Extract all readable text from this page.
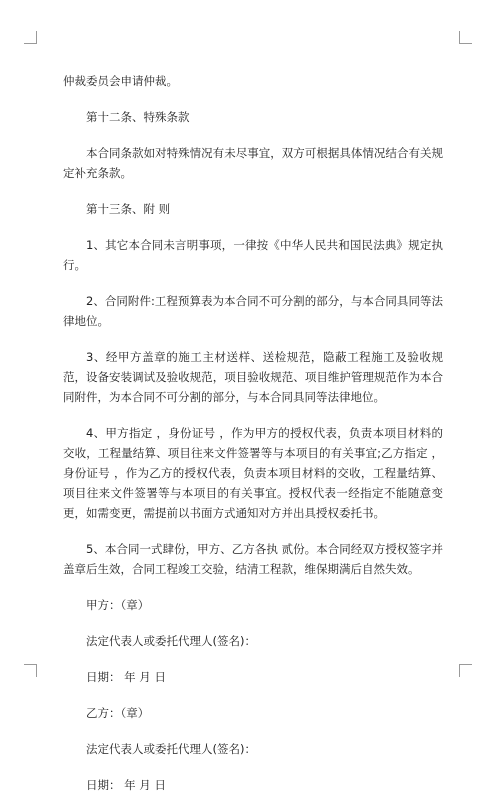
仲裁委员会申请仲裁。

第十二条、特殊条款

本合同条款如对特殊情况有未尽事宜，双方可根据具体情况结合有关规定补充条款。

第十三条、附 则

1、其它本合同未言明事项，一律按《中华人民共和国民法典》规定执行。

2、合同附件:工程预算表为本合同不可分割的部分，与本合同具同等法律地位。

3、经甲方盖章的施工主材送样、送检规范，隐蔽工程施工及验收规范，设备安装调试及验收规范，项目验收规范、项目维护管理规范作为本合同附件，为本合同不可分割的部分，与本合同具同等法律地位。

4、甲方指定 ，身份证号 ，作为甲方的授权代表，负责本项目材料的交收，工程量结算、项目往来文件签署等与本项目的有关事宜;乙方指定 ，身份证号 ，作为乙方的授权代表，负责本项目材料的交收，工程量结算、项目往来文件签署等与本项目的有关事宜。授权代表一经指定不能随意变更，如需变更，需提前以书面方式通知对方并出具授权委托书。

5、本合同一式肆份，甲方、乙方各执 贰份。本合同经双方授权签字并盖章后生效，合同工程竣工交验，结清工程款，维保期满后自然失效。

甲方：（章）

法定代表人或委托代理人(签名)：

日期： 年 月 日

乙方：（章）

法定代表人或委托代理人(签名)：

日期： 年 月 日
